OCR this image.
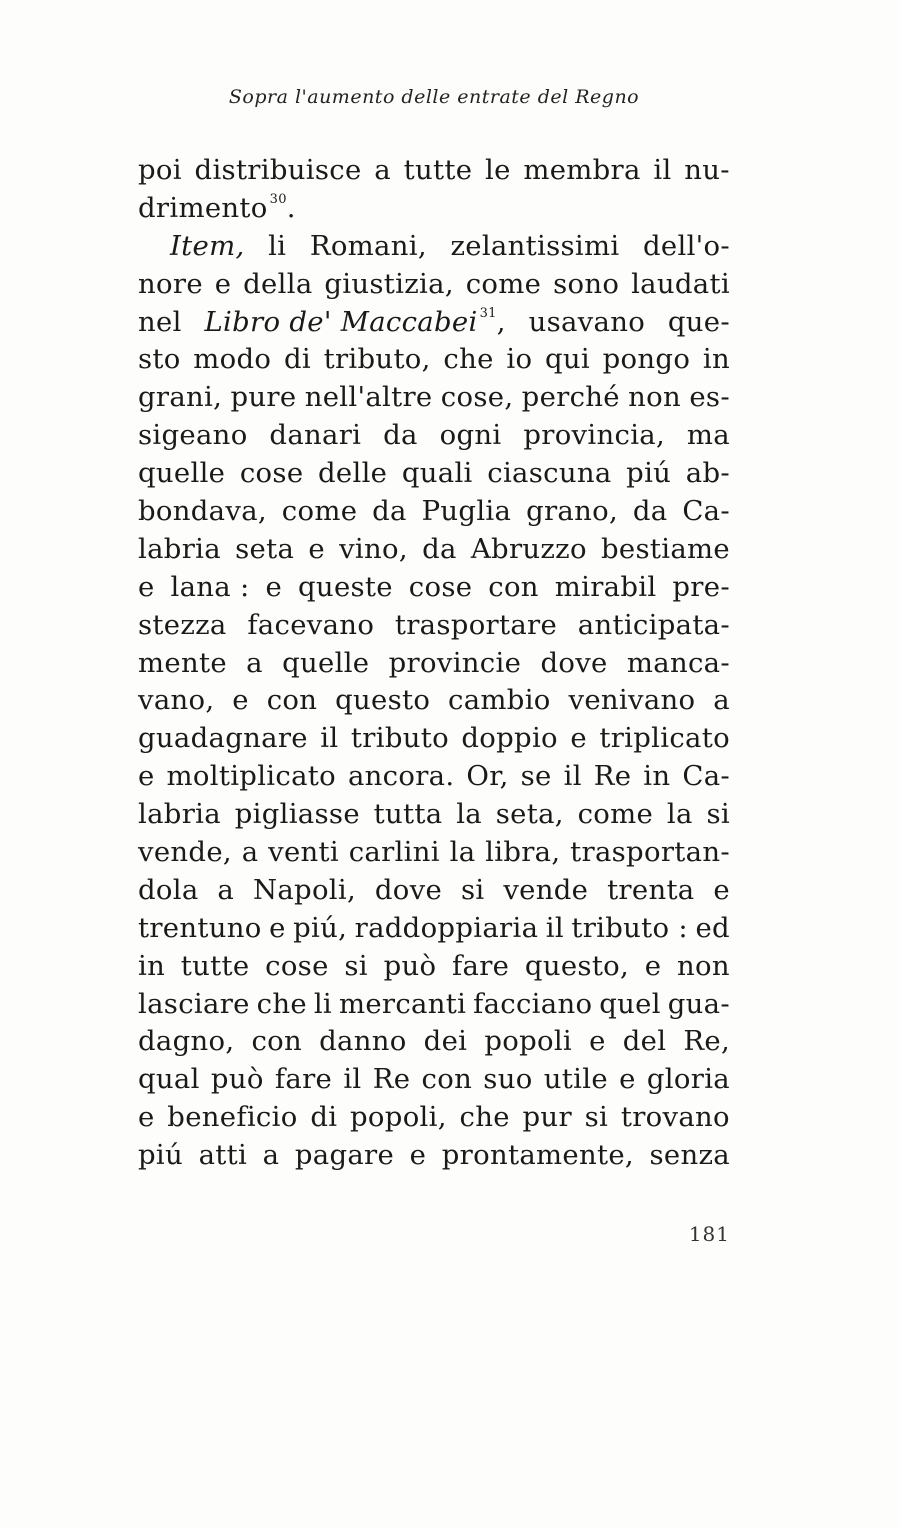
Sopra l'aumento delle entrate del Regno
poi distribuisce a tutte le membra il nu-
drimento $^{30}$.
Item, li Romani, zelantissimi dell'o-
nore e della giustizia, come sono laudati
nel Libro de' Maccabei $^{31}$, usavano que-
sto modo di tributo, che io qui pongo in
grani, pure nell'altre cose, perché non es-
sigeano danari da ogni provincia, ma
quelle cose delle quali ciascuna piú ab-
bondava, come da Puglia grano, da Ca-
labria seta e vino, da Abruzzo bestiame
e lana : e queste cose con mirabil pre-
stezza facevano trasportare anticipata-
mente a quelle provincie dove manca-
vano, e con questo cambio venivano a
guadagnare il tributo doppio e triplicato
e moltiplicato ancora. Or, se il Re in Ca-
labria pigliasse tutta la seta, come la si
vende, a venti carlini la libra, trasportan-
dola a Napoli, dove si vende trenta e
trentuno e piú, raddoppiaria il tributo : ed
in tutte cose si può fare questo, e non
lasciare che li mercanti facciano quel gua-
dagno, con danno dei popoli e del Re,
qual può fare il Re con suo utile e gloria
e beneficio di popoli, che pur si trovano
piú atti a pagare e prontamente, senza
181
